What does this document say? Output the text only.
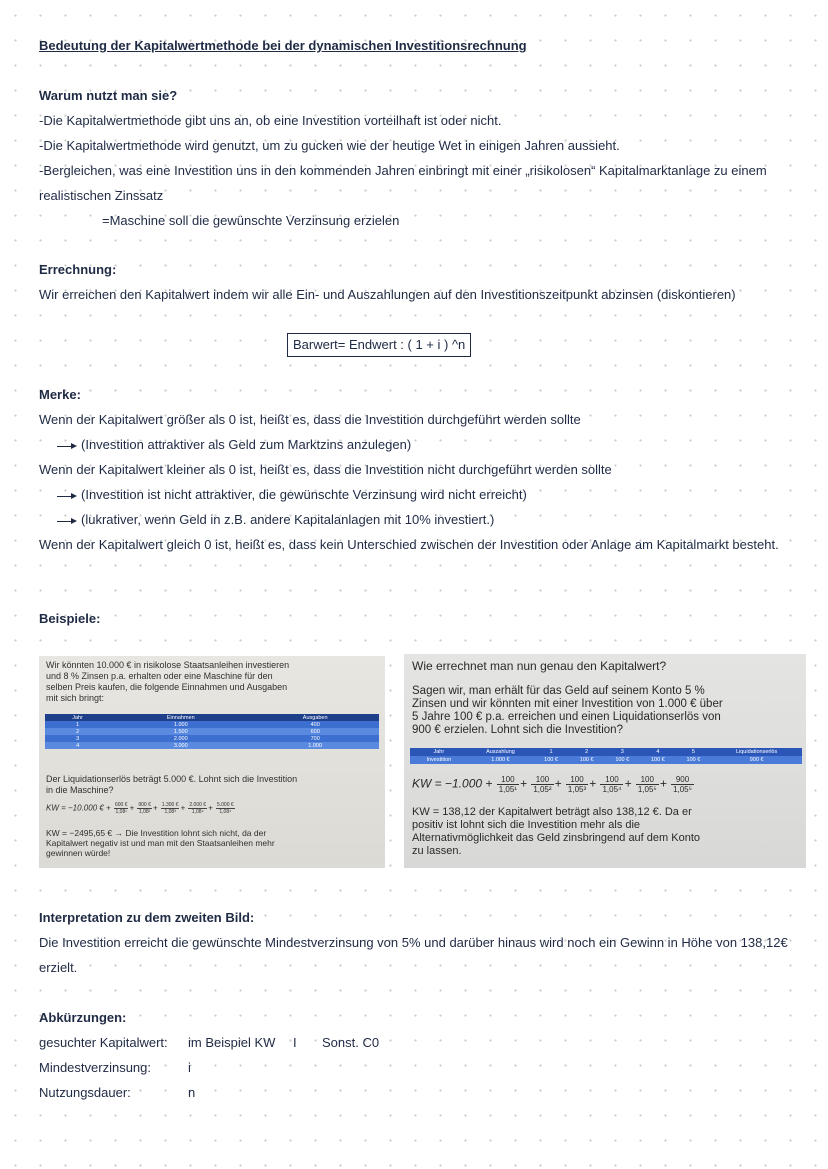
Bedeutung der Kapitalwertmethode bei der dynamischen Investitionsrechnung
Warum nutzt man sie?
-Die Kapitalwertmethode gibt uns an, ob eine Investition vorteilhaft ist oder nicht.
-Die Kapitalwertmethode wird genutzt, um zu gucken wie der heutige Wet in einigen Jahren aussieht.
-Bergleichen, was eine Investition uns in den kommenden Jahren einbringt mit einer „risikolosen“ Kapitalmarktanlage zu einem
realistischen Zinssatz
=Maschine soll die gewünschte Verzinsung erzielen
Errechnung:
Wir erreichen den Kapitalwert indem wir alle Ein- und Auszahlungen auf den Investitionszeitpunkt abzinsen (diskontieren)
Barwert= Endwert : ( 1 + i ) ^n
Merke:
Wenn der Kapitalwert größer als 0 ist, heißt es, dass die Investition durchgeführt werden sollte
(Investition attraktiver als Geld zum Marktzins anzulegen)
Wenn der Kapitalwert kleiner als 0 ist, heißt es, dass die Investition nicht durchgeführt werden sollte
(Investition ist nicht attraktiver, die gewünschte Verzinsung wird nicht erreicht)
(lukrativer, wenn Geld in z.B. andere Kapitalanlagen mit 10% investiert.)
Wenn der Kapitalwert gleich 0 ist, heißt es, dass kein Unterschied zwischen der Investition oder Anlage am Kapitalmarkt besteht.
Beispiele:
Wir könnten 10.000 € in risikolose Staatsanleihen investieren
und 8 % Zinsen p.a. erhalten oder eine Maschine für den
selben Preis kaufen, die folgende Einnahmen und Ausgaben
mit sich bringt:
Jahr	Einnahmen	Ausgaben
1	1.000	400
2	1.500	600
3	2.000	700
4	3.000	1.000
Der Liquidationserlös beträgt 5.000 €. Lohnt sich die Investition
in die Maschine?
KW = −10.000 € + $\frac{600 €}{\text{1,08¹}} + \frac{900 €}{\text{1,08²}} + \frac{1.300 €}{\text{1,08³}} + \frac{2.000 €}{\text{1,08⁴}} + \frac{5.000 €}{\text{1,08⁴}}$
KW = −2495,65 € → Die Investition lohnt sich nicht, da der
Kapitalwert negativ ist und man mit den Staatsanleihen mehr
gewinnen würde!
Wie errechnet man nun genau den Kapitalwert?
Sagen wir, man erhält für das Geld auf seinem Konto 5 %
Zinsen und wir könnten mit einer Investition von 1.000 € über
5 Jahre 100 € p.a. erreichen und einen Liquidationserlös von
900 € erzielen. Lohnt sich die Investition?
Jahr	Auszahlung	1	2	3	4	5	Liquidationserlös
Investition	1.000 €	100 €	100 €	100 €	100 €	100 €	900 €
KW = $-1.000 + \frac{100}{\text{1,05¹}} + \frac{100}{\text{1,05²}} + \frac{100}{\text{1,05³}} + \frac{100}{\text{1,05⁴}} + \frac{100}{\text{1,05⁵}} + \frac{900}{\text{1,05⁵}}$
KW = 138,12 der Kapitalwert beträgt also 138,12 €. Da er
positiv ist lohnt sich die Investition mehr als die
Alternativmöglichkeit das Geld zinsbringend auf dem Konto
zu lassen.
Interpretation zu dem zweiten Bild:
Die Investition erreicht die gewünschte Mindestverzinsung von 5% und darüber hinaus wird noch ein Gewinn in Höhe von 138,12€
erzielt.
Abkürzungen:
gesuchter Kapitalwert: im Beispiel KW I Sonst. C0
Mindestverzinsung:	i
Nutzungsdauer:	n
